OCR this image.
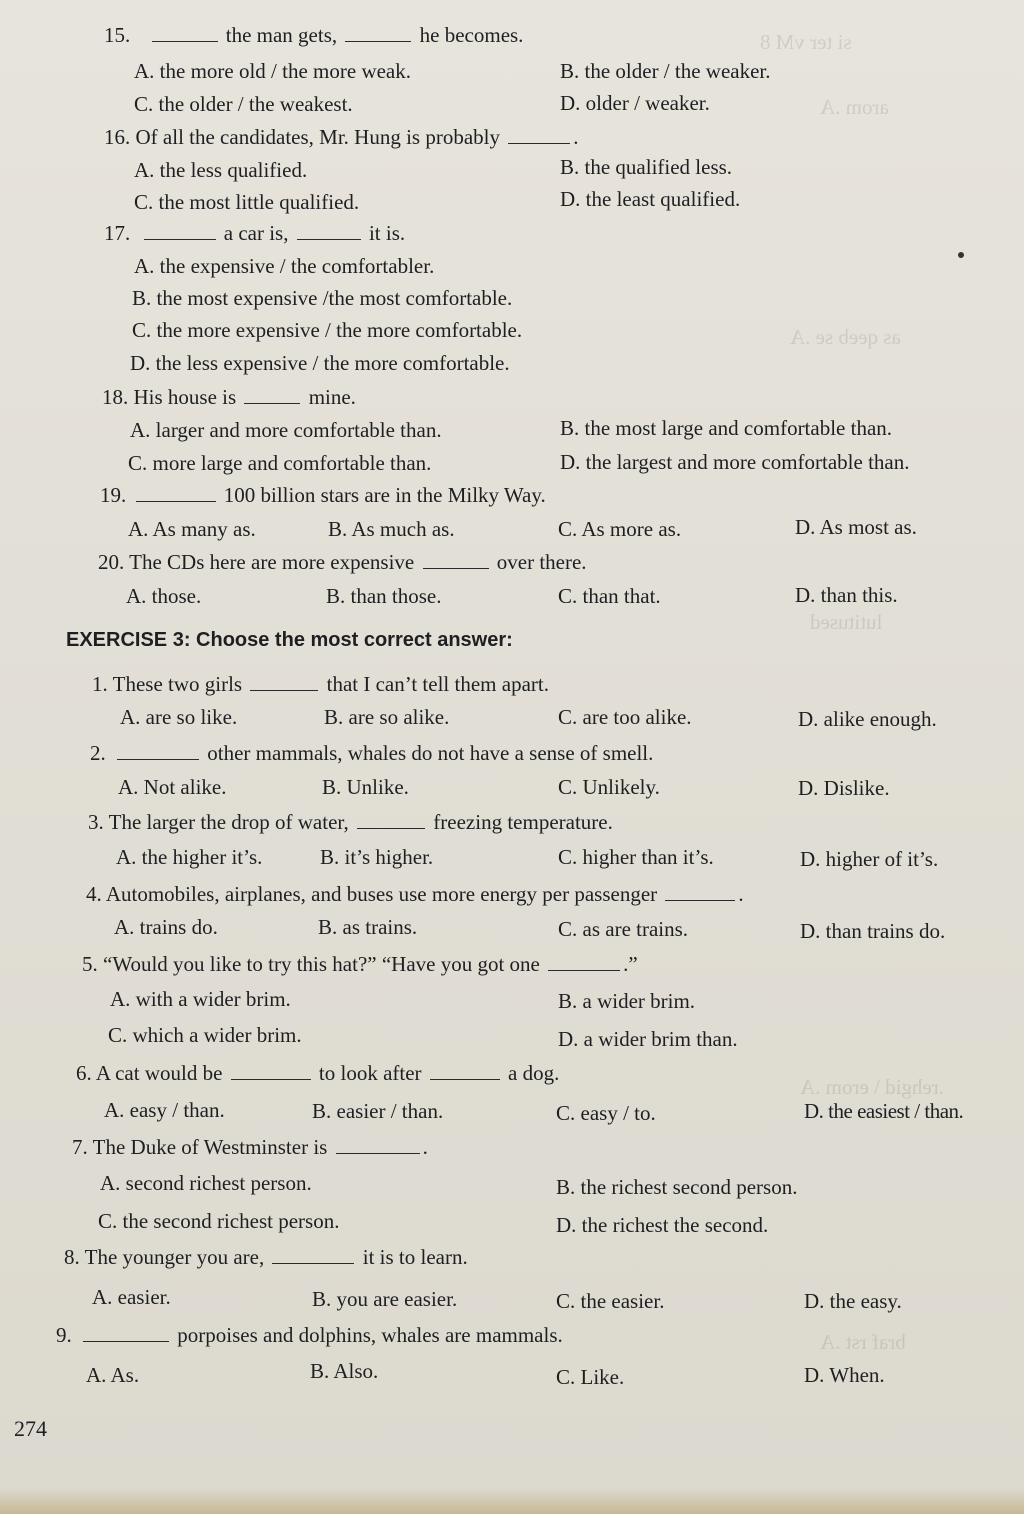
si ter vM 8
arom .A
as qeeb se .A
lutitused
.rehgid \ erom .A
braf rst .A
15.	the man gets,	he becomes.
A. the more old / the more weak.	B. the older / the weaker.
C. the older / the weakest.	D. older / weaker.
16. Of all the candidates, Mr. Hung is probably	.
A. the less qualified.	B. the qualified less.
C. the most little qualified.	D. the least qualified.
17.	a car is,	it is.
A. the expensive / the comfortabler.
B. the most expensive /the most comfortable.
C. the more expensive / the more comfortable.
D. the less expensive / the more comfortable.
18. His house is	mine.
A. larger and more comfortable than.	B. the most large and comfortable than.
C. more large and comfortable than.	D. the largest and more comfortable than.
19.	100 billion stars are in the Milky Way.
A. As many as.	B. As much as.	C. As more as.	D. As most as.
20. The CDs here are more expensive	over there.
A. those.	B. than those.	C. than that.	D. than this.
EXERCISE 3: Choose the most correct answer:
1. These two girls	that I can’t tell them apart.
A. are so like.	B. are so alike.	C. are too alike.	D. alike enough.
2.	other mammals, whales do not have a sense of smell.
A. Not alike.	B. Unlike.	C. Unlikely.	D. Dislike.
3. The larger the drop of water,	freezing temperature.
A. the higher it’s.	B. it’s higher.	C. higher than it’s.	D. higher of it’s.
4. Automobiles, airplanes, and buses use more energy per passenger	.
A. trains do.	B. as trains.	C. as are trains.	D. than trains do.
5. “Would you like to try this hat?” “Have you got one	.”
A. with a wider brim.	B. a wider brim.
C. which a wider brim.	D. a wider brim than.
6. A cat would be	to look after	a dog.
A. easy / than.	B. easier / than.	C. easy / to.	D. the easiest / than.
7. The Duke of Westminster is	.
A. second richest person.	B. the richest second person.
C. the second richest person.	D. the richest the second.
8. The younger you are,	it is to learn.
A. easier.	B. you are easier.	C. the easier.	D. the easy.
9.	porpoises and dolphins, whales are mammals.
A. As.	B. Also.	C. Like.	D. When.
274
